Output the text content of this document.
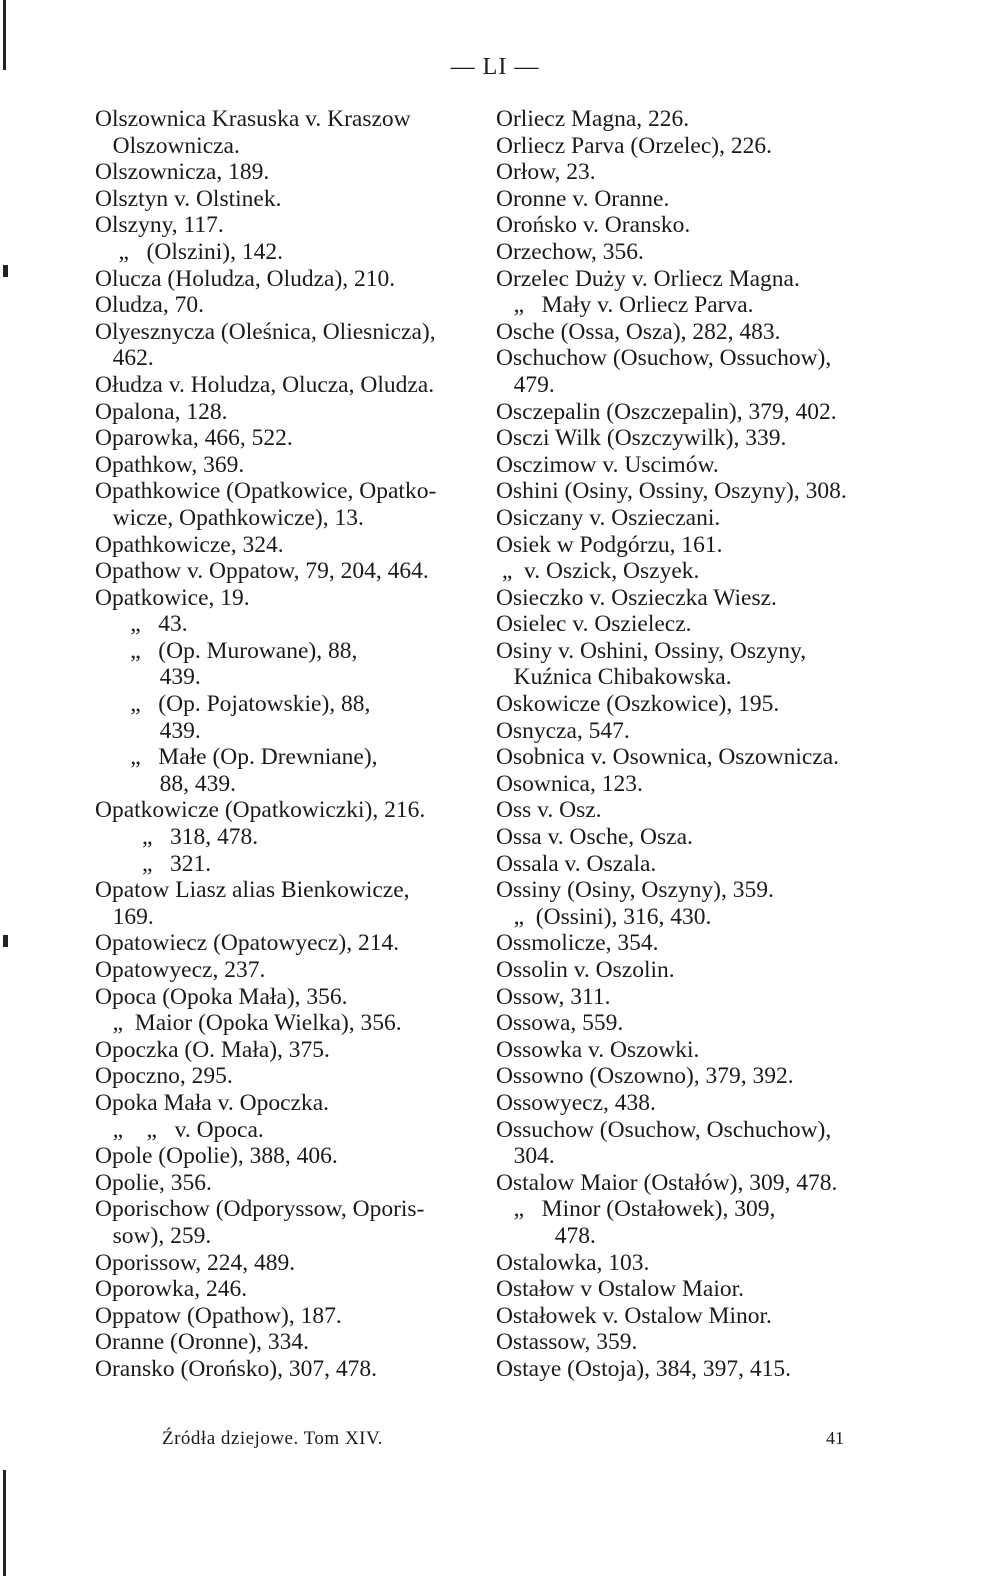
— LI —
Olszownica Krasuska v. Kraszow
Olszownicza.
Olszownicza, 189.
Olsztyn v. Olstinek.
Olszyny, 117.
„   (Olszini), 142.
Olucza (Holudza, Oludza), 210.
Oludza, 70.
Olyesznycza (Oleśnica, Oliesnicza),
462.
Ołudza v. Holudza, Olucza, Oludza.
Opalona, 128.
Oparowka, 466, 522.
Opathkow, 369.
Opathkowice (Opatkowice, Opatko-
wicze, Opathkowicze), 13.
Opathkowicze, 324.
Opathow v. Oppatow, 79, 204, 464.
Opatkowice, 19.
„   43.
„   (Op. Murowane), 88,
439.
„   (Op. Pojatowskie), 88,
439.
„   Małe (Op. Drewniane),
88, 439.
Opatkowicze (Opatkowiczki), 216.
„   318, 478.
„   321.
Opatow Liasz alias Bienkowicze,
169.
Opatowiecz (Opatowyecz), 214.
Opatowyecz, 237.
Opoca (Opoka Mała), 356.
„  Maior (Opoka Wielka), 356.
Opoczka (O. Mała), 375.
Opoczno, 295.
Opoka Mała v. Opoczka.
„    „   v. Opoca.
Opole (Opolie), 388, 406.
Opolie, 356.
Oporischow (Odporyssow, Oporis-
sow), 259.
Oporissow, 224, 489.
Oporowka, 246.
Oppatow (Opathow), 187.
Oranne (Oronne), 334.
Oransko (Orońsko), 307, 478.
Orliecz Magna, 226.
Orliecz Parva (Orzelec), 226.
Orłow, 23.
Oronne v. Oranne.
Orońsko v. Oransko.
Orzechow, 356.
Orzelec Duży v. Orliecz Magna.
„   Mały v. Orliecz Parva.
Osche (Ossa, Osza), 282, 483.
Oschuchow (Osuchow, Ossuchow),
479.
Osczepalin (Oszczepalin), 379, 402.
Osczi Wilk (Oszczywilk), 339.
Osczimow v. Uscimów.
Oshini (Osiny, Ossiny, Oszyny), 308.
Osiczany v. Oszieczani.
Osiek w Podgórzu, 161.
„  v. Oszick, Oszyek.
Osieczko v. Oszieczka Wiesz.
Osielec v. Oszielecz.
Osiny v. Oshini, Ossiny, Oszyny,
Kuźnica Chibakowska.
Oskowicze (Oszkowice), 195.
Osnycza, 547.
Osobnica v. Osownica, Oszownicza.
Osownica, 123.
Oss v. Osz.
Ossa v. Osche, Osza.
Ossala v. Oszala.
Ossiny (Osiny, Oszyny), 359.
„  (Ossini), 316, 430.
Ossmolicze, 354.
Ossolin v. Oszolin.
Ossow, 311.
Ossowa, 559.
Ossowka v. Oszowki.
Ossowno (Oszowno), 379, 392.
Ossowyecz, 438.
Ossuchow (Osuchow, Oschuchow),
304.
Ostalow Maior (Ostałów), 309, 478.
„   Minor (Ostałowek), 309,
478.
Ostalowka, 103.
Ostałow v Ostalow Maior.
Ostałowek v. Ostalow Minor.
Ostassow, 359.
Ostaye (Ostoja), 384, 397, 415.
Źródła dziejowe. Tom XIV.	41
